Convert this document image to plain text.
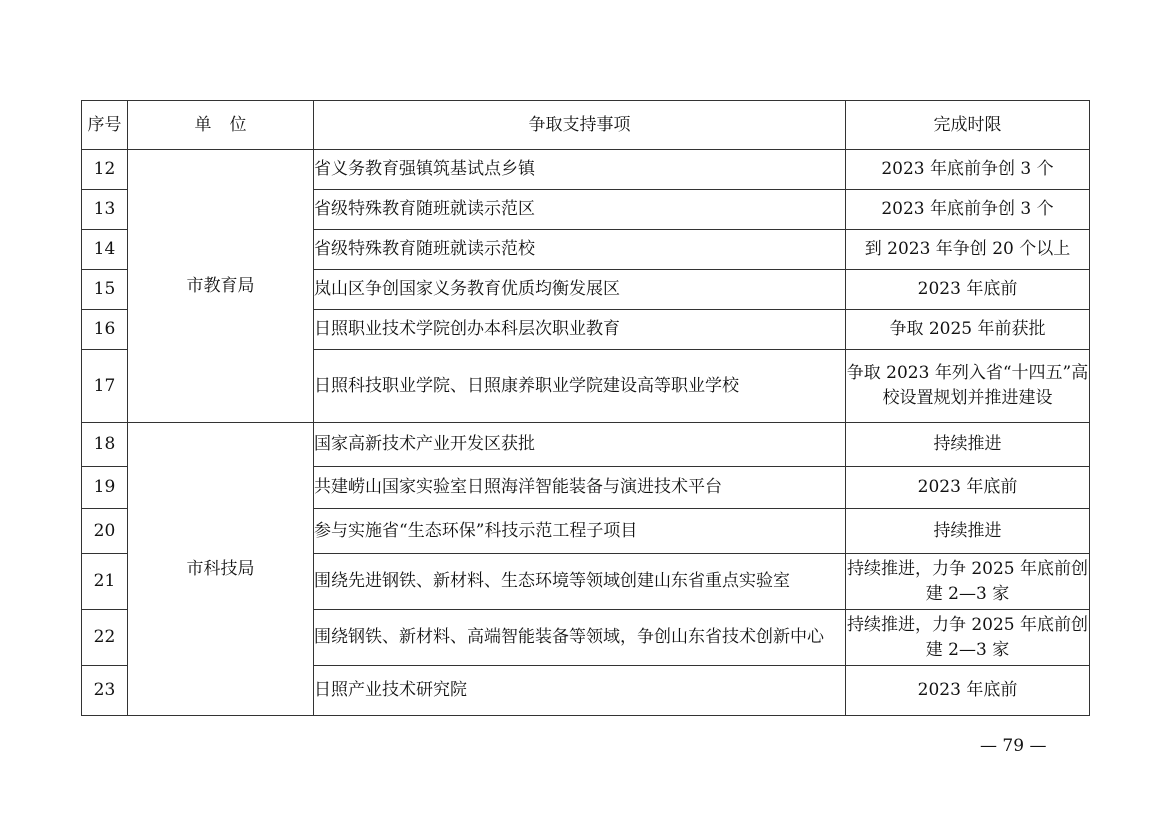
序号	单位	争取支持事项	完成时限
12	市教育局	省义务教育强镇筑基试点乡镇	2023 年底前争创 3 个
13		省级特殊教育随班就读示范区	2023 年底前争创 3 个
14		省级特殊教育随班就读示范校	到 2023 年争创 20 个以上
15		岚山区争创国家义务教育优质均衡发展区	2023 年底前
16		日照职业技术学院创办本科层次职业教育	争取 2025 年前获批
17		日照科技职业学院、日照康养职业学院建设高等职业学校	争取 2023 年列入省“十四五”高校设置规划并推进建设
18	市科技局	国家高新技术产业开发区获批	持续推进
19		共建崂山国家实验室日照海洋智能装备与演进技术平台	2023 年底前
20		参与实施省“生态环保”科技示范工程子项目	持续推进
21		围绕先进钢铁、新材料、生态环境等领域创建山东省重点实验室	持续推进，力争 2025 年底前创建 2—3 家
22		围绕钢铁、新材料、高端智能装备等领域，争创山东省技术创新中心	持续推进，力争 2025 年底前创建 2—3 家
23		日照产业技术研究院	2023 年底前
— 79 —
